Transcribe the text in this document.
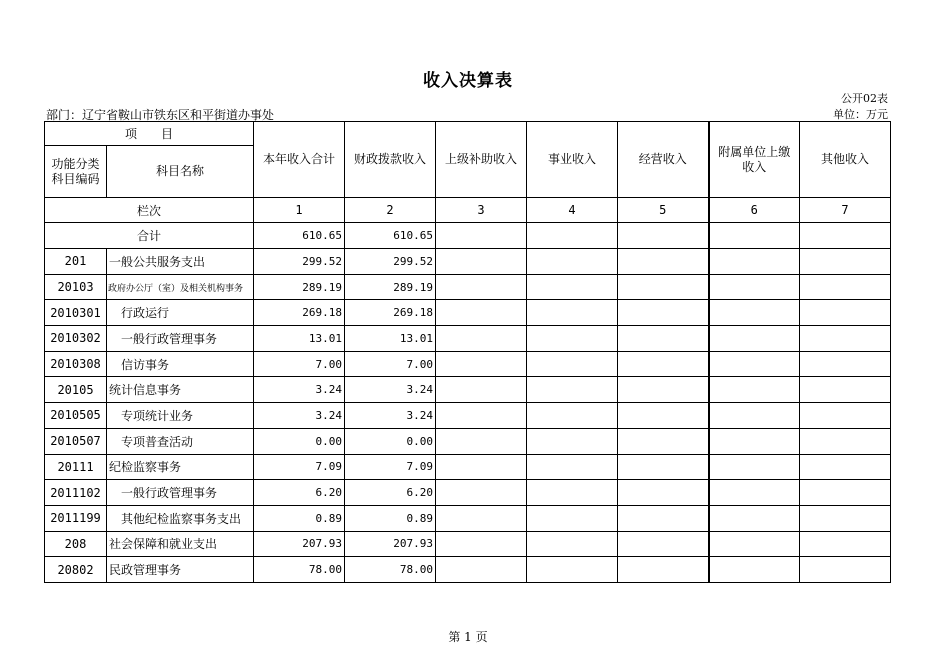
收入决算表
公开02表
部门：辽宁省鞍山市铁东区和平街道办事处	单位：万元
项　　目		本年收入合计	财政拨款收入	上级补助收入	事业收入	经营收入	附属单位上缴收入	其他收入
功能分类科目编码	科目名称							
栏次		1	2	3	4	5	6	7
合计		610.65	610.65					
201	一般公共服务支出	299.52	299.52					
20103	政府办公厅（室）及相关机构事务	289.19	289.19					
2010301	行政运行	269.18	269.18					
2010302	一般行政管理事务	13.01	13.01					
2010308	信访事务	7.00	7.00					
20105	统计信息事务	3.24	3.24					
2010505	专项统计业务	3.24	3.24					
2010507	专项普查活动	0.00	0.00					
20111	纪检监察事务	7.09	7.09					
2011102	一般行政管理事务	6.20	6.20					
2011199	其他纪检监察事务支出	0.89	0.89					
208	社会保障和就业支出	207.93	207.93					
20802	民政管理事务	78.00	78.00					
第 1 页
